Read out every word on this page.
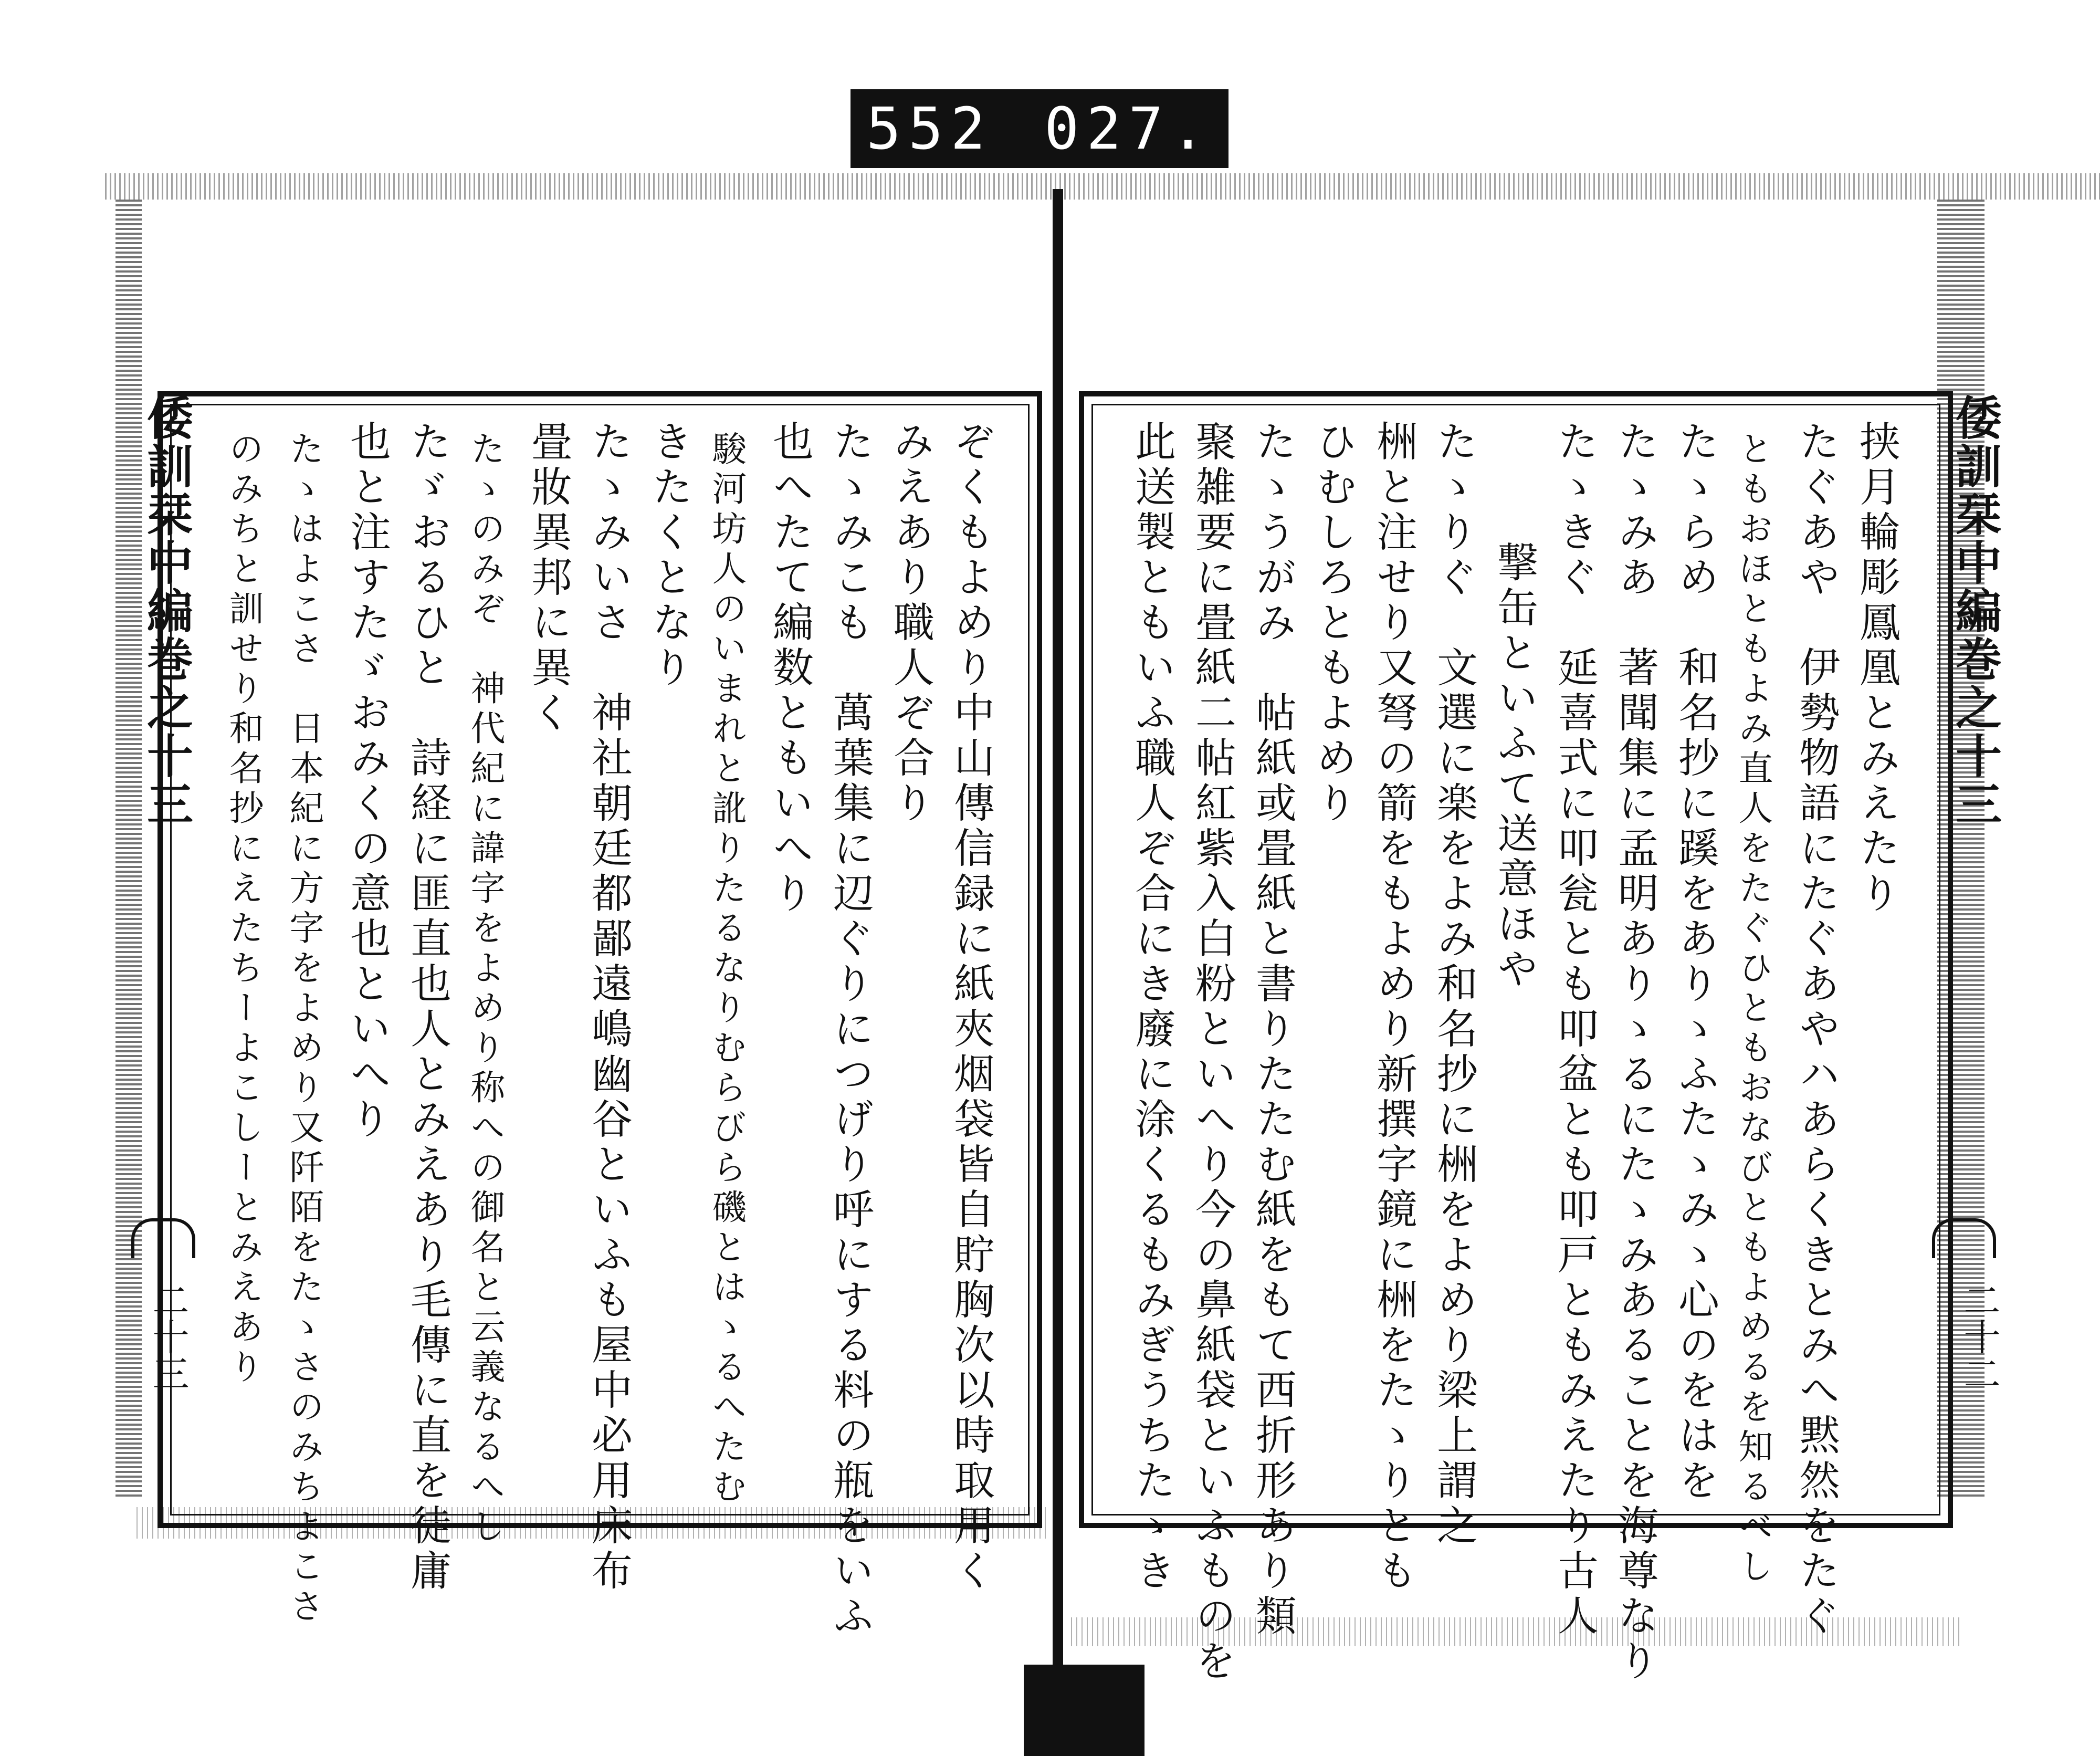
552 027.
倭訓栞中編巻之十三	倭訓栞中編巻之十三
二十三	二十二
挟月輪彫鳳凰とみえたり
たぐあや　伊勢物語にたぐあやハあらくきとみへ黙然をたぐ
ともおほともよみ直人をたぐひともおなびともよめるを知るべし
たゝらめ　和名抄に蹊をありゝふたゝみゝ心のをはを
たゝみあ　著聞集に孟明ありゝるにたゝみあることを海尊なり
たゝきぐ　延喜式に叩瓮とも叩盆とも叩戸ともみえたり古人
撃缶といふて送意ほや
たゝりぐ　文選に楽をよみ和名抄に栦をよめり梁上謂之
栦と注せり又弩の箭をもよめり新撰字鏡に栦をたゝりとも
ひむしろともよめり
たゝうがみ　帖紙或畳紙と書りたたむ紙をもて西折形あり類
聚雑要に畳紙二帖紅紫入白粉といへり今の鼻紙袋といふものを
此送製ともいふ職人ぞ合にき廢に涂くるもみぎうちたゝき
ぞくもよめり中山傳信録に紙夾烟袋皆自貯胸次以時取用く
みえあり職人ぞ合り
たゝみこも　萬葉集に辺ぐりにつげり呼にする料の瓶をいふ
也へたて編数ともいへり
駿河坊人のいまれと訛りたるなりむらびら磯とはゝるへたむ
きたくとなり
たゝみいさ　神社朝廷都鄙遠嶋幽谷といふも屋中必用床布
畳妝異邦に異く
たゝのみぞ　神代紀に諱字をよめり称への御名と云義なるへし
たゞおるひと　詩経に匪直也人とみえあり毛傳に直を徒庸
也と注すたゞおみくの意也といへり
たゝはよこさ　日本紀に方字をよめり又阡陌をたゝさのみちよこさ
のみちと訓せり和名抄にえたちーよこしーとみえあり
